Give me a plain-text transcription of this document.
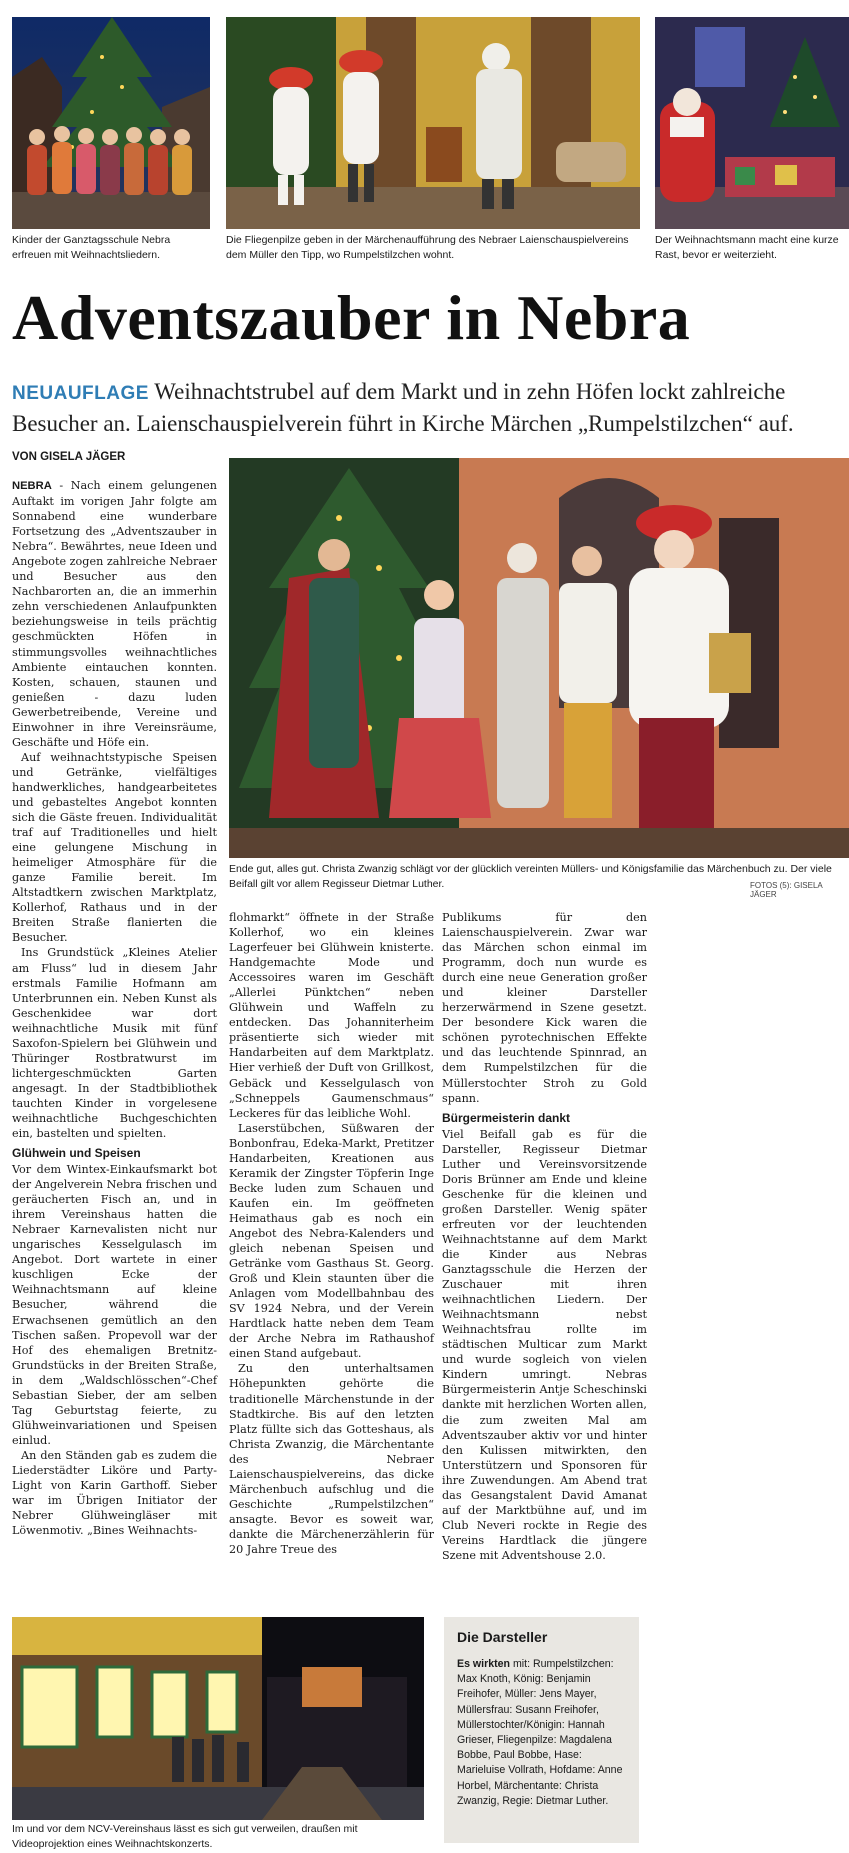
Kinder der Ganztagsschule Nebra erfreuen mit Weihnachtsliedern.
Die Fliegenpilze geben in der Märchenaufführung des Nebraer Laienschauspielvereins dem Müller den Tipp, wo Rumpelstilzchen wohnt.
Der Weihnachtsmann macht eine kurze Rast, bevor er weiterzieht.
Adventszauber in Nebra
NEUAUFLAGE Weihnachtstrubel auf dem Markt und in zehn Höfen lockt zahlreiche Besucher an. Laienschauspielverein führt in Kirche Märchen „Rumpelstilzchen“ auf.
VON GISELA JÄGER
Ende gut, alles gut. Christa Zwanzig schlägt vor der glücklich vereinten Müllers- und Königsfamilie das Märchenbuch zu. Der viele Beifall gilt vor allem Regisseur Dietmar Luther.	FOTOS (5): GISELA JÄGER

NEBRA - Nach einem gelungenen Auftakt im vorigen Jahr folgte am Sonnabend eine wunderbare Fortsetzung des „Adventszauber in Nebra“. Bewährtes, neue Ideen und Angebote zogen zahlreiche Nebraer und Besucher aus den Nachbarorten an, die an immerhin zehn verschiedenen Anlaufpunkten beziehungsweise in teils prächtig geschmückten Höfen in stimmungsvolles weihnachtliches Ambiente eintauchen konnten. Kosten, schauen, staunen und genießen - dazu luden Gewerbetreibende, Vereine und Einwohner in ihre Vereinsräume, Geschäfte und Höfe ein.

Auf weihnachtstypische Speisen und Getränke, vielfältiges handwerkliches, handgearbeitetes und gebasteltes Angebot konnten sich die Gäste freuen. Individualität traf auf Traditionelles und hielt eine gelungene Mischung in heimeliger Atmosphäre für die ganze Familie bereit. Im Altstadtkern zwischen Marktplatz, Kollerhof, Rathaus und in der Breiten Straße flanierten die Besucher.

Ins Grundstück „Kleines Atelier am Fluss“ lud in diesem Jahr erstmals Familie Hofmann am Unterbrunnen ein. Neben Kunst als Geschenkidee war dort weihnachtliche Musik mit fünf Saxofon-Spielern bei Glühwein und Thüringer Rostbratwurst im lichtergeschmückten Garten angesagt. In der Stadtbibliothek tauchten Kinder in vorgelesene weihnachtliche Buchgeschichten ein, bastelten und spielten.

Glühwein und Speisen

Vor dem Wintex-Einkaufsmarkt bot der Angelverein Nebra frischen und geräucherten Fisch an, und in ihrem Vereinshaus hatten die Nebraer Karnevalisten nicht nur ungarisches Kesselgulasch im Angebot. Dort wartete in einer kuschligen Ecke der Weihnachtsmann auf kleine Besucher, während die Erwachsenen gemütlich an den Tischen saßen. Propevoll war der Hof des ehemaligen Bretnitz-Grundstücks in der Breiten Straße, in dem „Waldschlösschen“-Chef Sebastian Sieber, der am selben Tag Geburtstag feierte, zu Glühweinvariationen und Speisen einlud.

An den Ständen gab es zudem die Liederstädter Liköre und Party-Light von Karin Garthoff. Sieber war im Übrigen Initiator der Nebrer Glühweingläser mit Löwenmotiv. „Bines Weihnachts-

flohmarkt“ öffnete in der Straße Kollerhof, wo ein kleines Lagerfeuer bei Glühwein knisterte. Handgemachte Mode und Accessoires waren im Geschäft „Allerlei Pünktchen“ neben Glühwein und Waffeln zu entdecken. Das Johanniterheim präsentierte sich wieder mit Handarbeiten auf dem Marktplatz. Hier verhieß der Duft von Grillkost, Gebäck und Kesselgulasch von „Schneppels Gaumenschmaus“ Leckeres für das leibliche Wohl.

Laserstübchen, Süßwaren der Bonbonfrau, Edeka-Markt, Pretitzer Handarbeiten, Kreationen aus Keramik der Zingster Töpferin Inge Becke luden zum Schauen und Kaufen ein. Im geöffneten Heimathaus gab es noch ein Angebot des Nebra-Kalenders und gleich nebenan Speisen und Getränke vom Gasthaus St. Georg. Groß und Klein staunten über die Anlagen vom Modellbahnbau des SV 1924 Nebra, und der Verein Hardtlack hatte neben dem Team der Arche Nebra im Rathaushof einen Stand aufgebaut.

Zu den unterhaltsamen Höhepunkten gehörte die traditionelle Märchenstunde in der Stadtkirche. Bis auf den letzten Platz füllte sich das Gotteshaus, als Christa Zwanzig, die Märchentante des Nebraer Laienschauspielvereins, das dicke Märchenbuch aufschlug und die Geschichte „Rumpelstilzchen“ ansagte. Bevor es soweit war, dankte die Märchenerzählerin für 20 Jahre Treue des

Publikums für den Laienschauspielverein. Zwar war das Märchen schon einmal im Programm, doch nun wurde es durch eine neue Generation großer und kleiner Darsteller herzerwärmend in Szene gesetzt. Der besondere Kick waren die schönen pyrotechnischen Effekte und das leuchtende Spinnrad, an dem Rumpelstilzchen für die Müllerstochter Stroh zu Gold spann.

Bürgermeisterin dankt

Viel Beifall gab es für die Darsteller, Regisseur Dietmar Luther und Vereinsvorsitzende Doris Brünner am Ende und kleine Geschenke für die kleinen und großen Darsteller. Wenig später erfreuten vor der leuchtenden Weihnachtstanne auf dem Markt die Kinder aus Nebras Ganztagsschule die Herzen der Zuschauer mit ihren weihnachtlichen Liedern. Der Weihnachtsmann nebst Weihnachtsfrau rollte im städtischen Multicar zum Markt und wurde sogleich von vielen Kindern umringt. Nebras Bürgermeisterin Antje Scheschinski dankte mit herzlichen Worten allen, die zum zweiten Mal am Adventszauber aktiv vor und hinter den Kulissen mitwirkten, den Unterstützern und Sponsoren für ihre Zuwendungen. Am Abend trat das Gesangstalent David Amanat auf der Marktbühne auf, und im Club Neveri rockte in Regie des Vereins Hardtlack die jüngere Szene mit Adventshouse 2.0.

Im und vor dem NCV-Vereinshaus lässt es sich gut verweilen, draußen mit Videoprojektion eines Weihnachtskonzerts.
Die Darsteller
Es wirkten mit: Rumpelstilzchen: Max Knoth, König: Benjamin Freihofer, Müller: Jens Mayer, Müllersfrau: Susann Freihofer, Müllerstochter/Königin: Hannah Grieser, Fliegenpilze: Magdalena Bobbe, Paul Bobbe, Hase: Marieluise Vollrath, Hofdame: Anne Horbel, Märchentante: Christa Zwanzig, Regie: Dietmar Luther.
